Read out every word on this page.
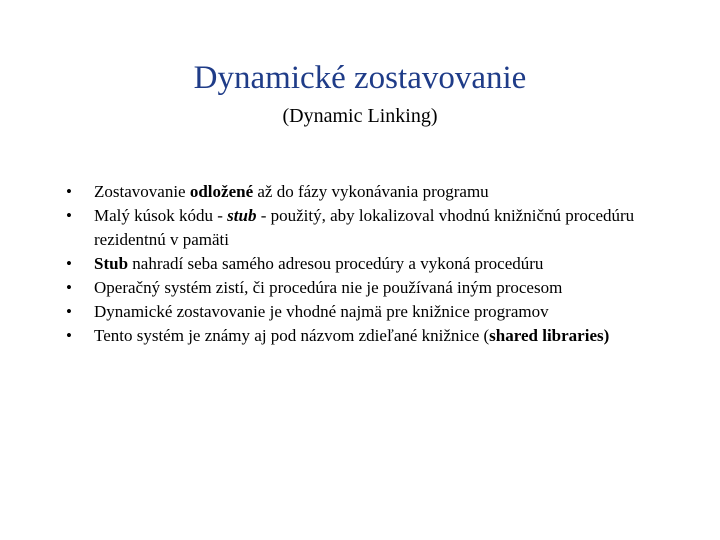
Dynamické zostavovanie
(Dynamic Linking)
•	Zostavovanie odložené až do fázy vykonávania programu
•	Malý kúsok kódu - stub - použitý, aby lokalizoval vhodnú knižničnú procedúru rezidentnú v pamäti
•	Stub nahradí seba samého adresou procedúry a vykoná procedúru
•	Operačný systém zistí, či procedúra nie je používaná iným procesom
•	Dynamické zostavovanie je vhodné najmä pre knižnice programov
•	Tento systém je známy aj pod názvom zdieľané knižnice (shared libraries)
